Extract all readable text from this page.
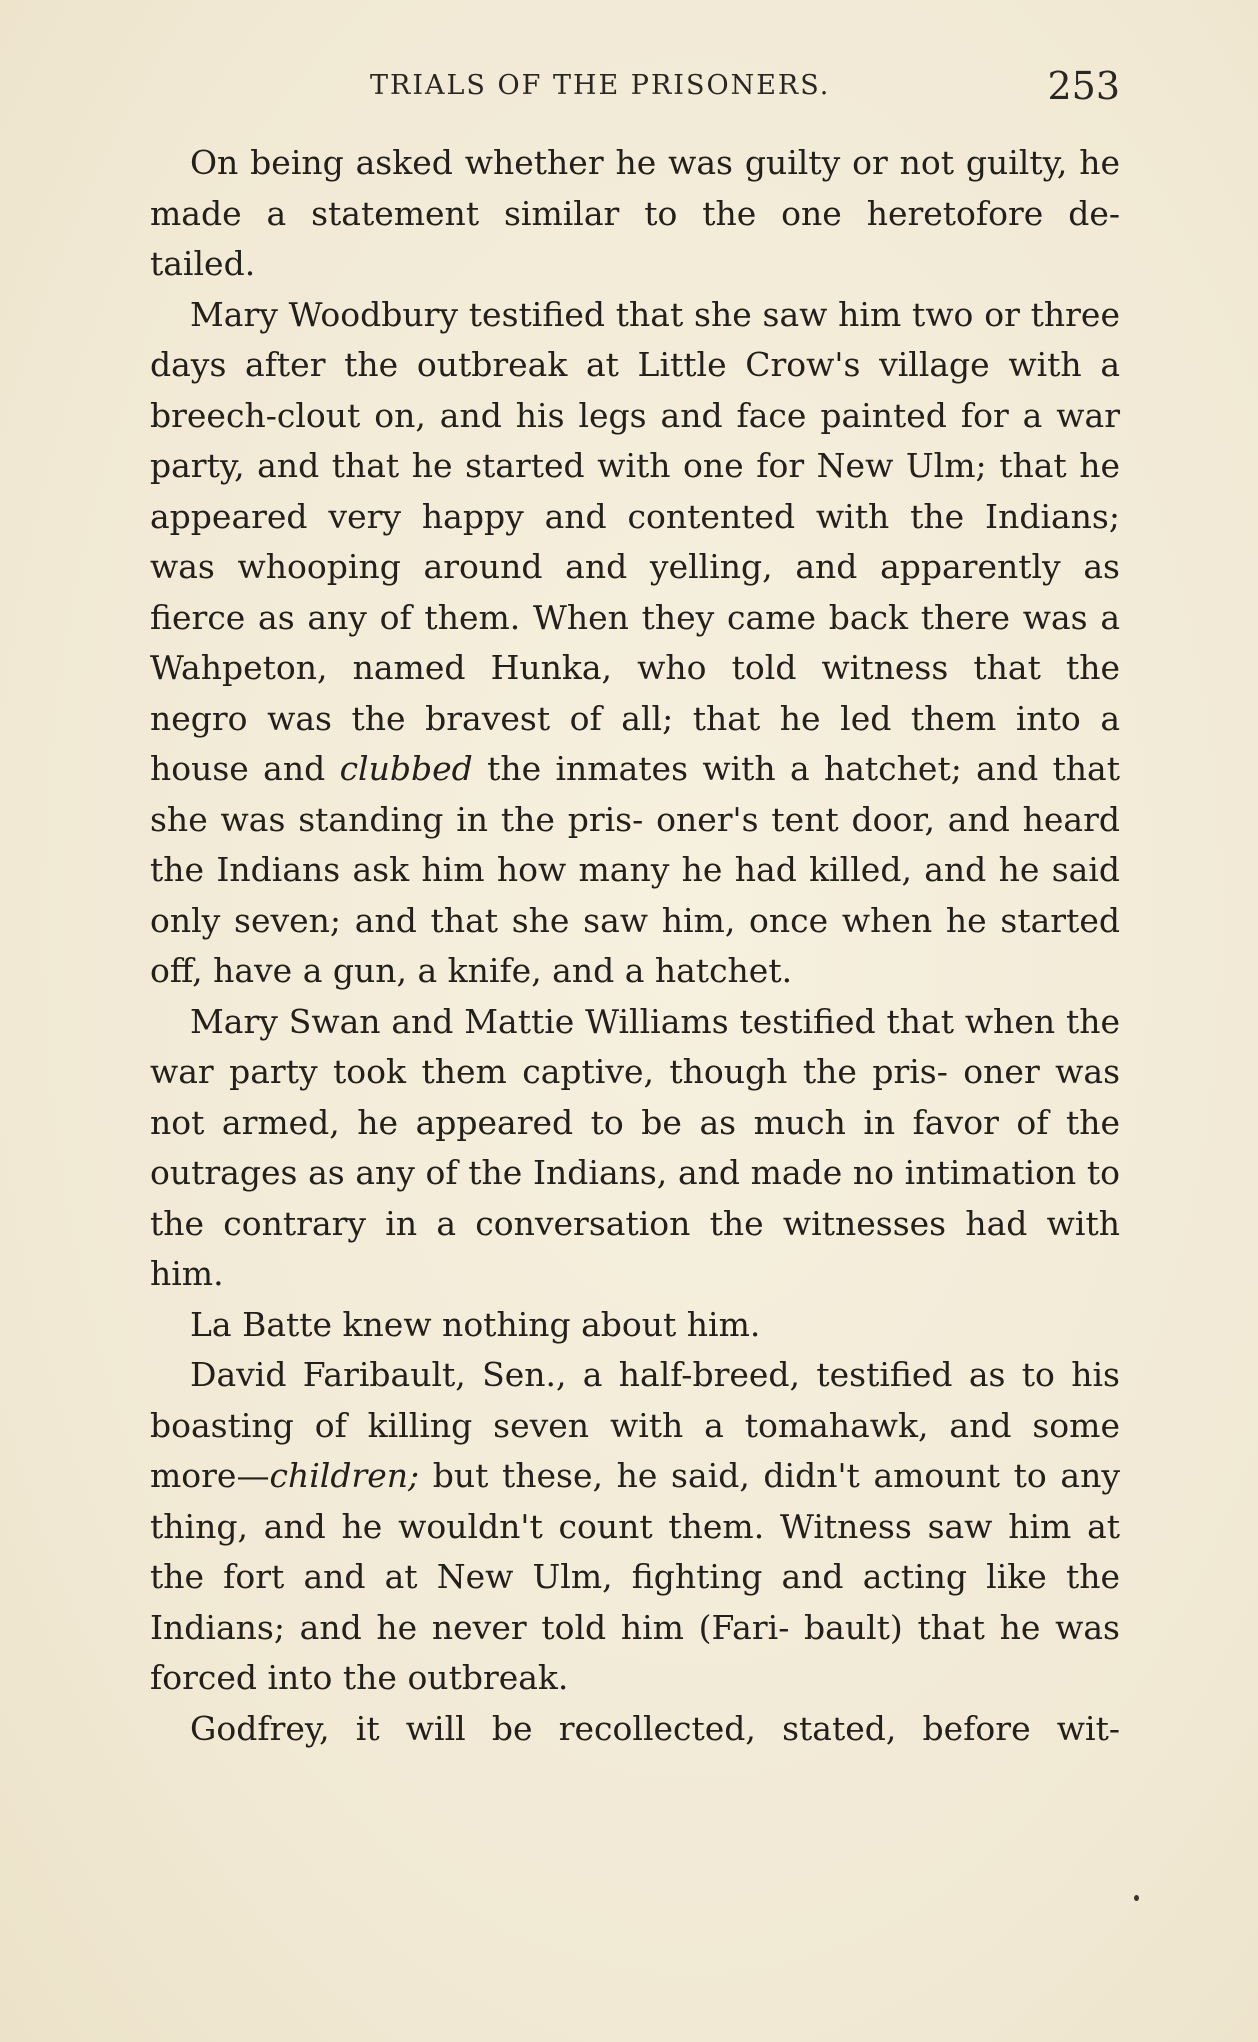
TRIALS OF THE PRISONERS.	253

On being asked whether he was guilty or not guilty, he made a statement similar to the one heretofore de- tailed.

Mary Woodbury testified that she saw him two or three days after the outbreak at Little Crow's village with a breech-clout on, and his legs and face painted for a war party, and that he started with one for New Ulm; that he appeared very happy and contented with the Indians; was whooping around and yelling, and apparently as fierce as any of them. When they came back there was a Wahpeton, named Hunka, who told witness that the negro was the bravest of all; that he led them into a house and clubbed the inmates with a hatchet; and that she was standing in the pris- oner's tent door, and heard the Indians ask him how many he had killed, and he said only seven; and that she saw him, once when he started off, have a gun, a knife, and a hatchet.

Mary Swan and Mattie Williams testified that when the war party took them captive, though the pris- oner was not armed, he appeared to be as much in favor of the outrages as any of the Indians, and made no intimation to the contrary in a conversation the witnesses had with him.

La Batte knew nothing about him.

David Faribault, Sen., a half-breed, testified as to his boasting of killing seven with a tomahawk, and some more—children; but these, he said, didn't amount to any thing, and he wouldn't count them. Witness saw him at the fort and at New Ulm, fighting and acting like the Indians; and he never told him (Fari- bault) that he was forced into the outbreak.

Godfrey, it will be recollected, stated, before wit-
